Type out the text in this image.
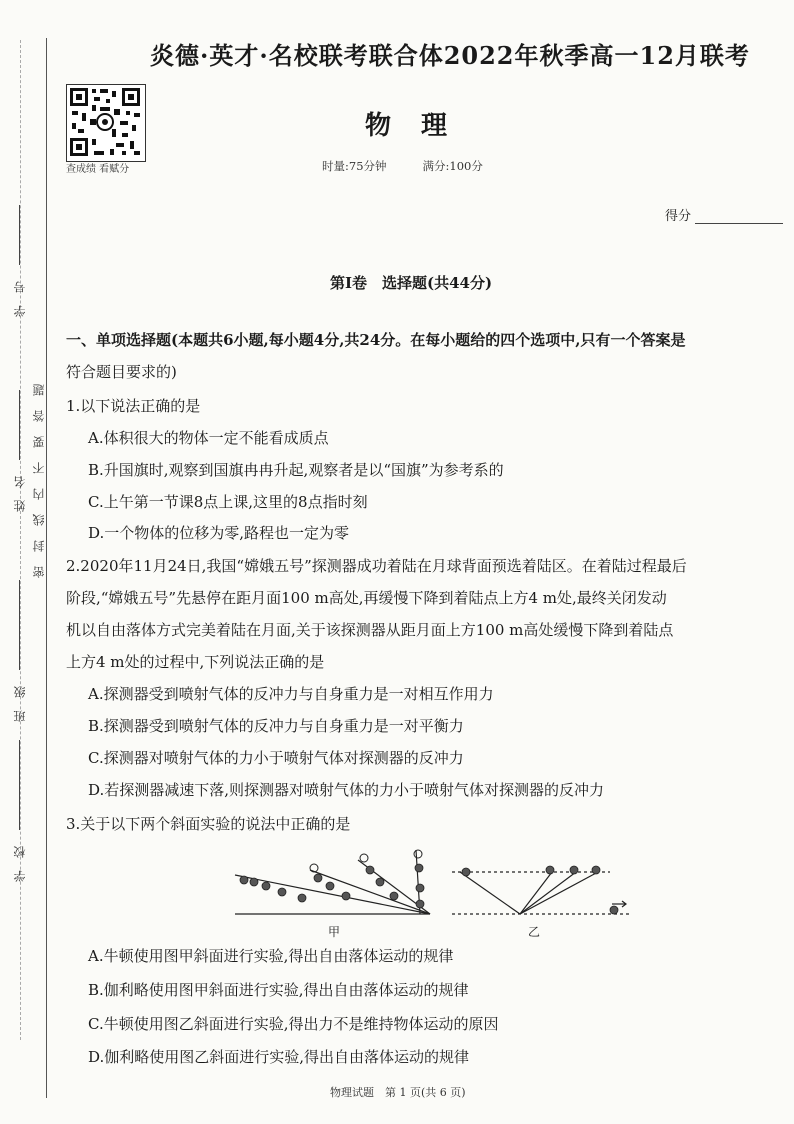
学号
姓名
班级
学校
密封线内不要答题
炎德·英才·名校联考联合体2022年秋季高一12月联考
查成绩 看赋分
物理
时量:75分钟	满分:100分
得分
第Ⅰ卷　选择题(共44分)
一、单项选择题(本题共6小题,每小题4分,共24分。在每小题给的四个选项中,只有一个答案是
符合题目要求的)
1.以下说法正确的是
A.体积很大的物体一定不能看成质点
B.升国旗时,观察到国旗冉冉升起,观察者是以“国旗”为参考系的
C.上午第一节课8点上课,这里的8点指时刻
D.一个物体的位移为零,路程也一定为零
2.2020年11月24日,我国“嫦娥五号”探测器成功着陆在月球背面预选着陆区。在着陆过程最后
阶段,“嫦娥五号”先悬停在距月面100 m高处,再缓慢下降到着陆点上方4 m处,最终关闭发动
机以自由落体方式完美着陆在月面,关于该探测器从距月面上方100 m高处缓慢下降到着陆点
上方4 m处的过程中,下列说法正确的是
A.探测器受到喷射气体的反冲力与自身重力是一对相互作用力
B.探测器受到喷射气体的反冲力与自身重力是一对平衡力
C.探测器对喷射气体的力小于喷射气体对探测器的反冲力
D.若探测器减速下落,则探测器对喷射气体的力小于喷射气体对探测器的反冲力
3.关于以下两个斜面实验的说法中正确的是
甲	乙
A.牛顿使用图甲斜面进行实验,得出自由落体运动的规律
B.伽利略使用图甲斜面进行实验,得出自由落体运动的规律
C.牛顿使用图乙斜面进行实验,得出力不是维持物体运动的原因
D.伽利略使用图乙斜面进行实验,得出自由落体运动的规律
物理试题　第 1 页(共 6 页)
